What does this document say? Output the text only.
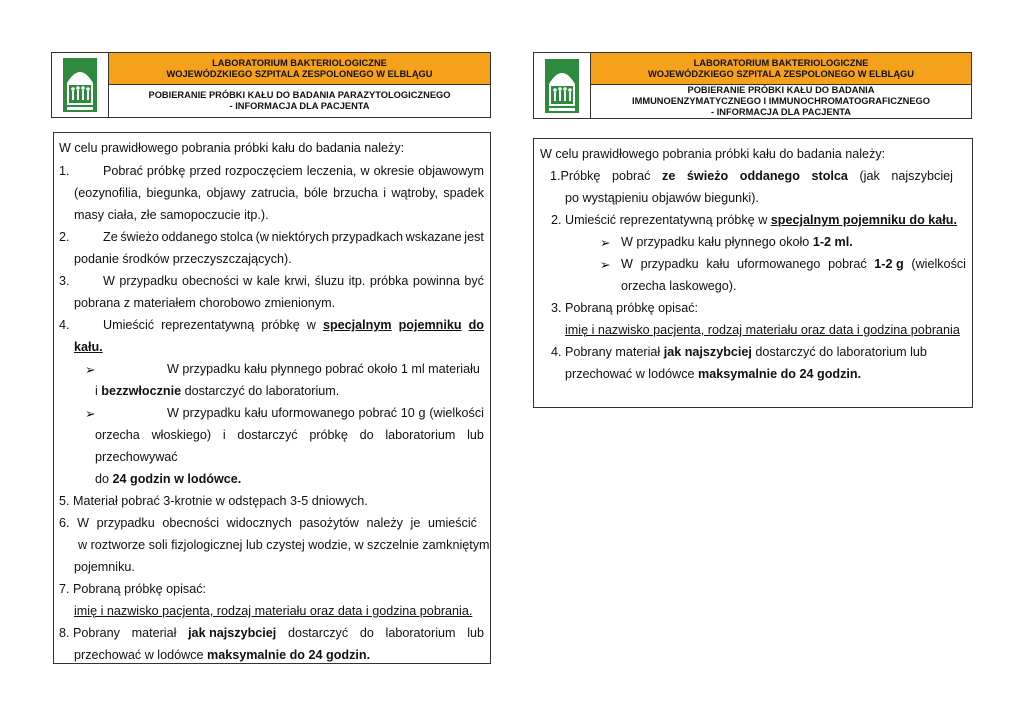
LABORATORIUM BAKTERIOLOGICZNE
WOJEWÓDZKIEGO SZPITALA ZESPOLONEGO W ELBLĄGU
POBIERANIE PRÓBKI KAŁU DO BADANIA PARAZYTOLOGICZNEGO
- INFORMACJA DLA PACJENTA
W celu prawidłowego pobrania próbki kału do badania należy:
1.	Pobrać próbkę przed rozpoczęciem leczenia, w okresie objawowym
(eozynofilia, biegunka, objawy zatrucia, bóle brzucha i wątroby, spadek
masy ciała, złe samopoczucie itp.).
2.	Ze świeżo oddanego stolca (w niektórych przypadkach wskazane jest
podanie środków przeczyszczających).
3.	W przypadku obecności w kale krwi, śluzu itp. próbka powinna być
pobrana z materiałem chorobowo zmienionym.
4.	Umieścić reprezentatywną próbkę w specjalnym pojemniku do
kału.
➢	W przypadku kału płynnego pobrać około 1 ml materiału
i bezzwłocznie dostarczyć do laboratorium.
➢	W przypadku kału uformowanego pobrać 10 g (wielkości
orzecha włoskiego) i dostarczyć próbkę do laboratorium lub
przechowywać
do 24 godzin w lodówce.
5. Materiał pobrać 3-krotnie w odstępach 3-5 dniowych.
6. W przypadku obecności widocznych pasożytów należy je umieścić
w roztworze soli fizjologicznej lub czystej wodzie, w szczelnie zamkniętym
pojemniku.
7. Pobraną próbkę opisać:
imię i nazwisko pacjenta, rodzaj materiału oraz data i godzina pobrania.
8. Pobrany materiał jak najszybciej dostarczyć do laboratorium lub
przechować w lodówce maksymalnie do 24 godzin.
LABORATORIUM BAKTERIOLOGICZNE
WOJEWÓDZKIEGO SZPITALA ZESPOLONEGO W ELBLĄGU
POBIERANIE PRÓBKI KAŁU DO BADANIA
IMMUNOENZYMATYCZNEGO I IMMUNOCHROMATOGRAFICZNEGO
- INFORMACJA DLA PACJENTA
W celu prawidłowego pobrania próbki kału do badania należy:
1.Próbkę pobrać ze świeżo oddanego stolca (jak najszybciej
po wystąpieniu objawów biegunki).
2. Umieścić reprezentatywną próbkę w specjalnym pojemniku do kału.
➢ W przypadku kału płynnego około 1-2 ml.
➢ W przypadku kału uformowanego pobrać 1-2 g (wielkości
orzecha laskowego).
3. Pobraną próbkę opisać:
imię i nazwisko pacjenta, rodzaj materiału oraz data i godzina pobrania
4. Pobrany materiał jak najszybciej dostarczyć do laboratorium lub
przechować w lodówce maksymalnie do 24 godzin.
